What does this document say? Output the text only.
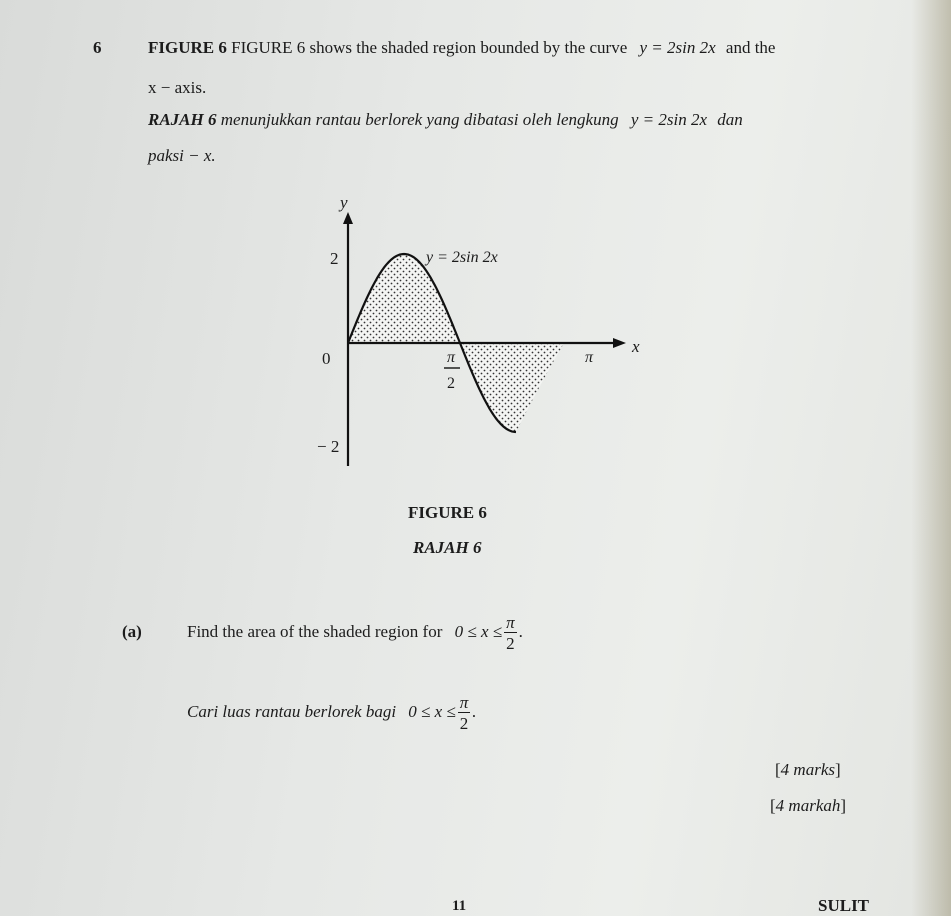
6	FIGURE 6 FIGURE 6 shows the shaded region bounded by the curve y = 2sin 2x and the
x − axis.
RAJAH 6 menunjukkan rantau berlorek yang dibatasi oleh lengkung y = 2sin 2x dan
paksi − x.
y
x
0
2
− 2
π
2
π
y = 2sin 2x
FIGURE 6
RAJAH 6
(a)	Find the area of the shaded region for $0 \le x \le \frac{\pi}{2}$ .
Cari luas rantau berlorek bagi $0 \le x \le \frac{\pi}{2}$ .
[4 marks]
[4 markah]
11	SULIT
